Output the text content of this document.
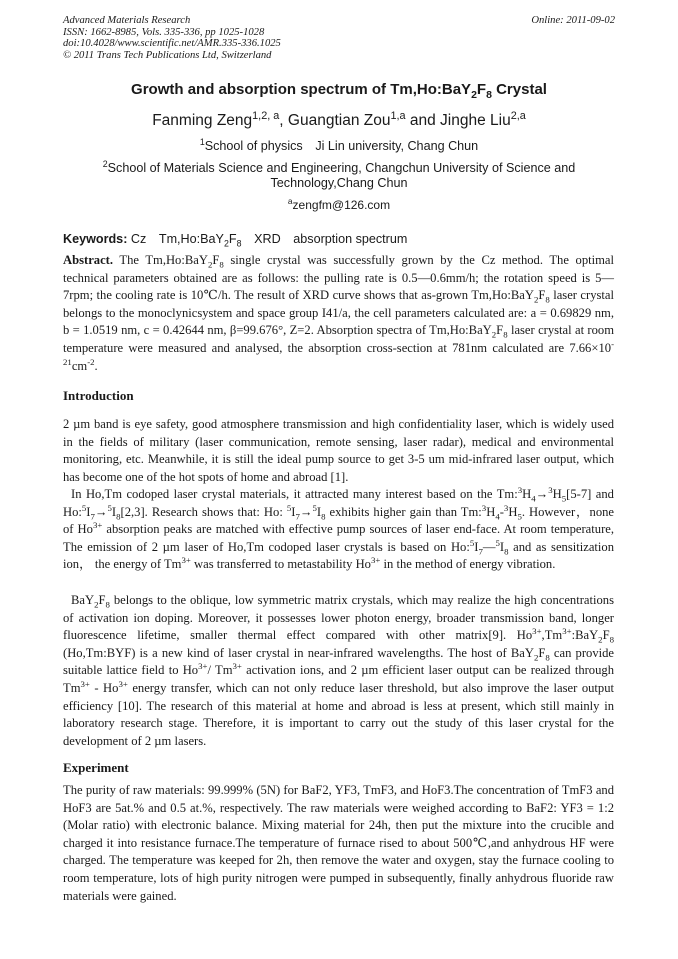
Advanced Materials Research
ISSN: 1662-8985, Vols. 335-336, pp 1025-1028
doi:10.4028/www.scientific.net/AMR.335-336.1025
© 2011 Trans Tech Publications Ltd, Switzerland
Online: 2011-09-02
Growth and absorption spectrum of $Tm,Ho:BaY_2F_8$ Crystal
Fanming Zeng$^{1,2, a}$, Guangtian Zou$^{1,a}$ and Jinghe Liu$^{2,a}$
$^1$School of physics　Ji Lin university, Chang Chun
$^2$School of Materials Science and Engineering, Changchun University of Science and Technology,Chang Chun
$^a$zengfm@126.com
Keywords: Cz $Tm,Ho:BaY_2F_8$ XRD absorption spectrum
Abstract. The $Tm,Ho:BaY_2F_8$ single crystal was successfully grown by the Cz method. The optimal technical parameters obtained are as follows: the pulling rate is 0.5—0.6mm/h; the rotation speed is 5—7rpm; the cooling rate is 10℃/h. The result of XRD curve shows that as-grown $Tm,Ho:BaY_2F_8$ laser crystal belongs to the monoclynicsystem and space group I41/a, the cell parameters calculated are: a = 0.69829 nm, b = 1.0519 nm, c = 0.42644 nm, β=99.676°, Z=2. Absorption spectra of $Tm,Ho:BaY_2F_8$ laser crystal at room temperature were measured and analysed, the absorption cross-section at 781nm calculated are $7.66\times 10^{-21}cm^{-2}$.
Introduction
2 µm band is eye safety, good atmosphere transmission and high confidentiality laser, which is widely used in the fields of military (laser communication, remote sensing, laser radar), medical and environmental monitoring, etc. Meanwhile, it is still the ideal pump source to get 3-5 um mid-infrared laser output, which has become one of the hot spots of home and abroad [1].
In Ho,Tm codoped laser crystal materials, it attracted many interest based on the $Tm:^3H_4\to^3H_5[5-7]$ and $Ho:^5I_7\to^5I_8[2,3]$. Research shows that: Ho: $^5I_7\to^5I_8$ exhibits higher gain than $Tm:^3H_4-^3H_5$. However，none of $Ho^{3+}$ absorption peaks are matched with effective pump sources of laser end-face. At room temperature, The emission of 2 µm laser of Ho,Tm codoped laser crystals is based on $Ho:^5I_7—^5I_8$ and as sensitization ion， the energy of $Tm^{3+}$ was transferred to metastability $Ho^{3+}$ in the method of energy vibration.
$BaY_2F_8$ belongs to the oblique, low symmetric matrix crystals, which may realize the high concentrations of activation ion doping. Moreover, it possesses lower photon energy, broader transmission band, longer fluorescence lifetime, smaller thermal effect compared with other matrix[9]. $Ho^{3+},Tm^{3+}:BaY_2F_8$ (Ho,Tm:BYF) is a new kind of laser crystal in near-infrared wavelengths. The host of $BaY_2F_8$ can provide suitable lattice field to $Ho^{3+}/$ $Tm^{3+}$ activation ions, and 2 µm efficient laser output can be realized through $Tm^{3+} - Ho^{3+}$ energy transfer, which can not only reduce laser threshold, but also improve the laser output efficiency [10]. The research of this material at home and abroad is less at present, which still mainly in laboratory research stage. Therefore, it is important to carry out the study of this laser crystal for the development of 2 µm lasers.
Experiment
The purity of raw materials: 99.999% (5N) for BaF2, YF3, TmF3, and HoF3.The concentration of TmF3 and HoF3 are 5at.% and 0.5 at.%, respectively. The raw materials were weighed according to BaF2: YF3 = 1:2 (Molar ratio) with electronic balance. Mixing material for 24h, then put the mixture into the crucible and charged it into resistance furnace.The temperature of furnace rised to about 500℃,and anhydrous HF were charged. The temperature was keeped for 2h, then remove the water and oxygen, stay the furnace cooling to room temperature, lots of high purity nitrogen were pumped in subsequently, finally anhydrous fluoride raw materials were gained.
